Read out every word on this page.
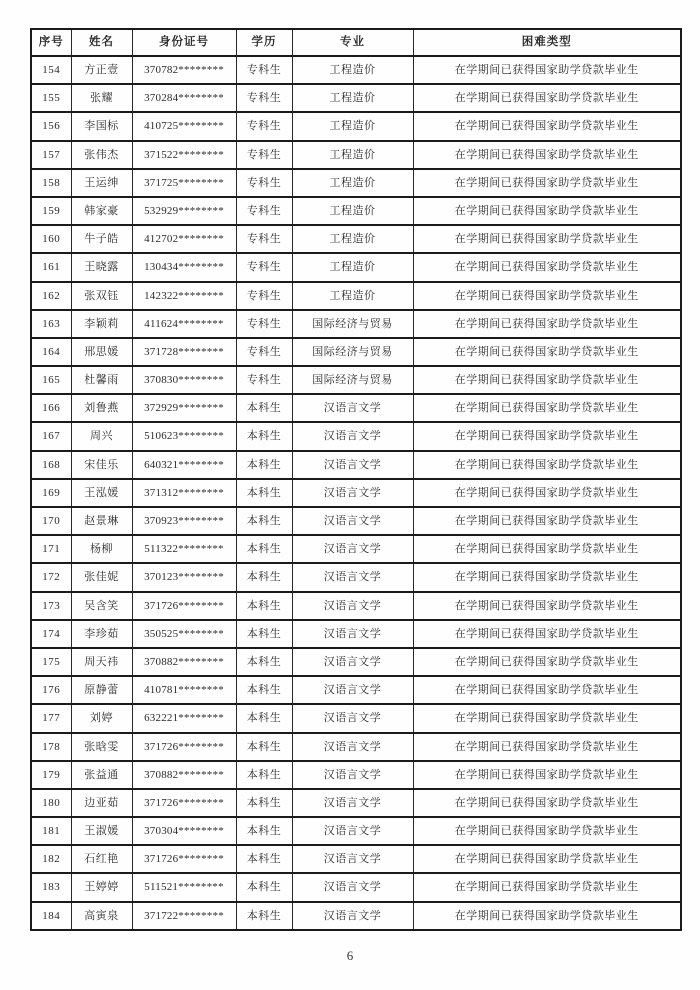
序号	姓名	身份证号	学历	专业	困难类型
154	方正壹	370782********	专科生	工程造价	在学期间已获得国家助学贷款毕业生
155	张耀	370284********	专科生	工程造价	在学期间已获得国家助学贷款毕业生
156	李国标	410725********	专科生	工程造价	在学期间已获得国家助学贷款毕业生
157	张伟杰	371522********	专科生	工程造价	在学期间已获得国家助学贷款毕业生
158	王运绅	371725********	专科生	工程造价	在学期间已获得国家助学贷款毕业生
159	韩家豪	532929********	专科生	工程造价	在学期间已获得国家助学贷款毕业生
160	牛子皓	412702********	专科生	工程造价	在学期间已获得国家助学贷款毕业生
161	王晓露	130434********	专科生	工程造价	在学期间已获得国家助学贷款毕业生
162	张双钰	142322********	专科生	工程造价	在学期间已获得国家助学贷款毕业生
163	李颖莉	411624********	专科生	国际经济与贸易	在学期间已获得国家助学贷款毕业生
164	邢思媛	371728********	专科生	国际经济与贸易	在学期间已获得国家助学贷款毕业生
165	杜馨雨	370830********	专科生	国际经济与贸易	在学期间已获得国家助学贷款毕业生
166	刘鲁燕	372929********	本科生	汉语言文学	在学期间已获得国家助学贷款毕业生
167	周兴	510623********	本科生	汉语言文学	在学期间已获得国家助学贷款毕业生
168	宋佳乐	640321********	本科生	汉语言文学	在学期间已获得国家助学贷款毕业生
169	王泓媛	371312********	本科生	汉语言文学	在学期间已获得国家助学贷款毕业生
170	赵景琳	370923********	本科生	汉语言文学	在学期间已获得国家助学贷款毕业生
171	杨柳	511322********	本科生	汉语言文学	在学期间已获得国家助学贷款毕业生
172	张佳妮	370123********	本科生	汉语言文学	在学期间已获得国家助学贷款毕业生
173	吴含笑	371726********	本科生	汉语言文学	在学期间已获得国家助学贷款毕业生
174	李珍茹	350525********	本科生	汉语言文学	在学期间已获得国家助学贷款毕业生
175	周天祎	370882********	本科生	汉语言文学	在学期间已获得国家助学贷款毕业生
176	原静蕾	410781********	本科生	汉语言文学	在学期间已获得国家助学贷款毕业生
177	刘婷	632221********	本科生	汉语言文学	在学期间已获得国家助学贷款毕业生
178	张晗雯	371726********	本科生	汉语言文学	在学期间已获得国家助学贷款毕业生
179	张益通	370882********	本科生	汉语言文学	在学期间已获得国家助学贷款毕业生
180	边亚茹	371726********	本科生	汉语言文学	在学期间已获得国家助学贷款毕业生
181	王淑媛	370304********	本科生	汉语言文学	在学期间已获得国家助学贷款毕业生
182	石红艳	371726********	本科生	汉语言文学	在学期间已获得国家助学贷款毕业生
183	王婷婷	511521********	本科生	汉语言文学	在学期间已获得国家助学贷款毕业生
184	高寅泉	371722********	本科生	汉语言文学	在学期间已获得国家助学贷款毕业生
6
